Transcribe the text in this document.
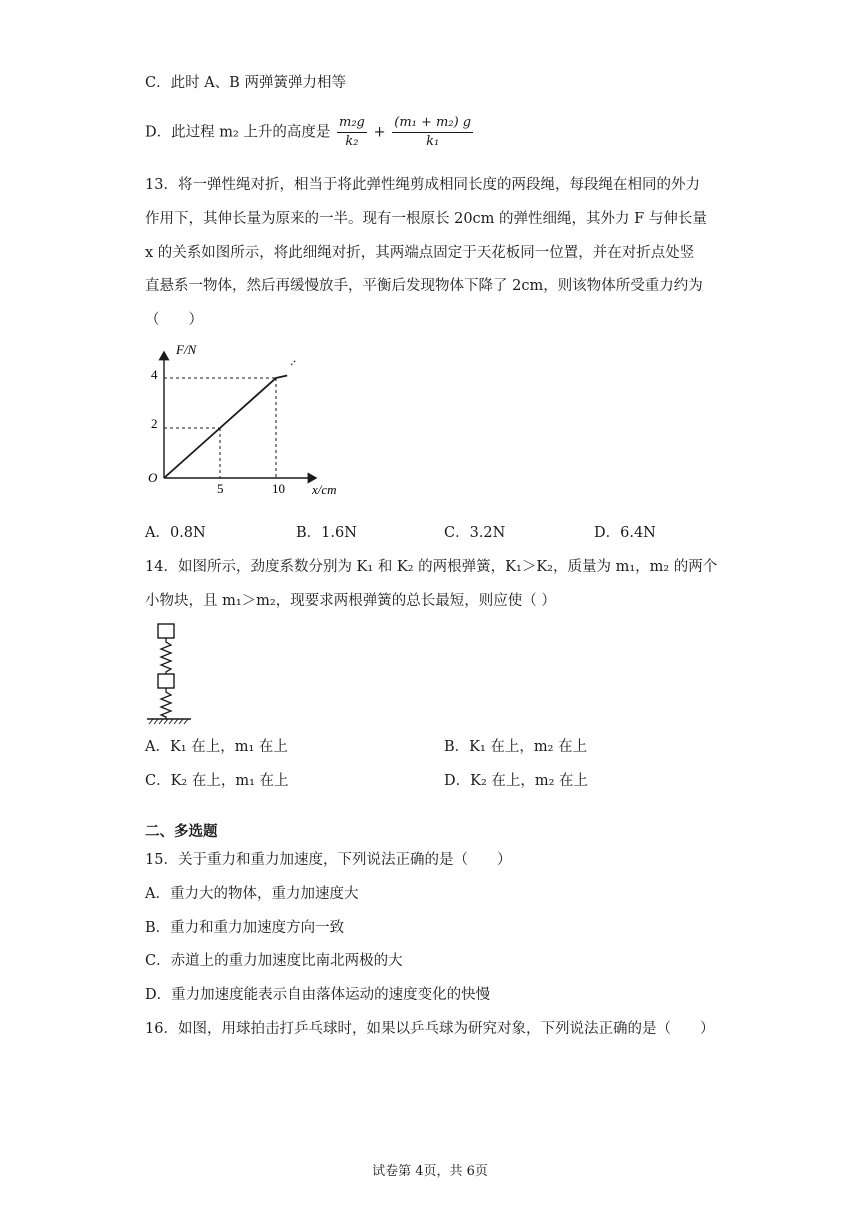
C．此时 A、B 两弹簧弹力相等
D．此过程 m₂ 上升的高度是 $\frac{\text{m₂g}}{\text{k₂}} + \frac{\text{(m₁ + m₂) g}}{\text{k₁}}$
13．将一弹性绳对折，相当于将此弹性绳剪成相同长度的两段绳，每段绳在相同的外力
作用下，其伸长量为原来的一半。现有一根原长 20cm 的弹性细绳，其外力 F 与伸长量
x 的关系如图所示，将此细绳对折，其两端点固定于天花板同一位置，并在对折点处竖
直悬系一物体，然后再缓慢放手，平衡后发现物体下降了 2cm，则该物体所受重力约为
（　　）
F/N
x/cm
O
4
2
5	10
A．0.8N	B．1.6N	C．3.2N	D．6.4N
14．如图所示，劲度系数分别为 K₁ 和 K₂ 的两根弹簧，K₁＞K₂，质量为 m₁，m₂ 的两个
小物块，且 m₁＞m₂，现要求两根弹簧的总长最短，则应使（ ）
A．K₁ 在上，m₁ 在上	B．K₁ 在上，m₂ 在上
C．K₂ 在上，m₁ 在上	D．K₂ 在上，m₂ 在上
二、多选题
15．关于重力和重力加速度，下列说法正确的是（　　）
A．重力大的物体，重力加速度大
B．重力和重力加速度方向一致
C．赤道上的重力加速度比南北两极的大
D．重力加速度能表示自由落体运动的速度变化的快慢
16．如图，用球拍击打乒乓球时，如果以乒乓球为研究对象，下列说法正确的是（　　）
试卷第 4页，共 6页
